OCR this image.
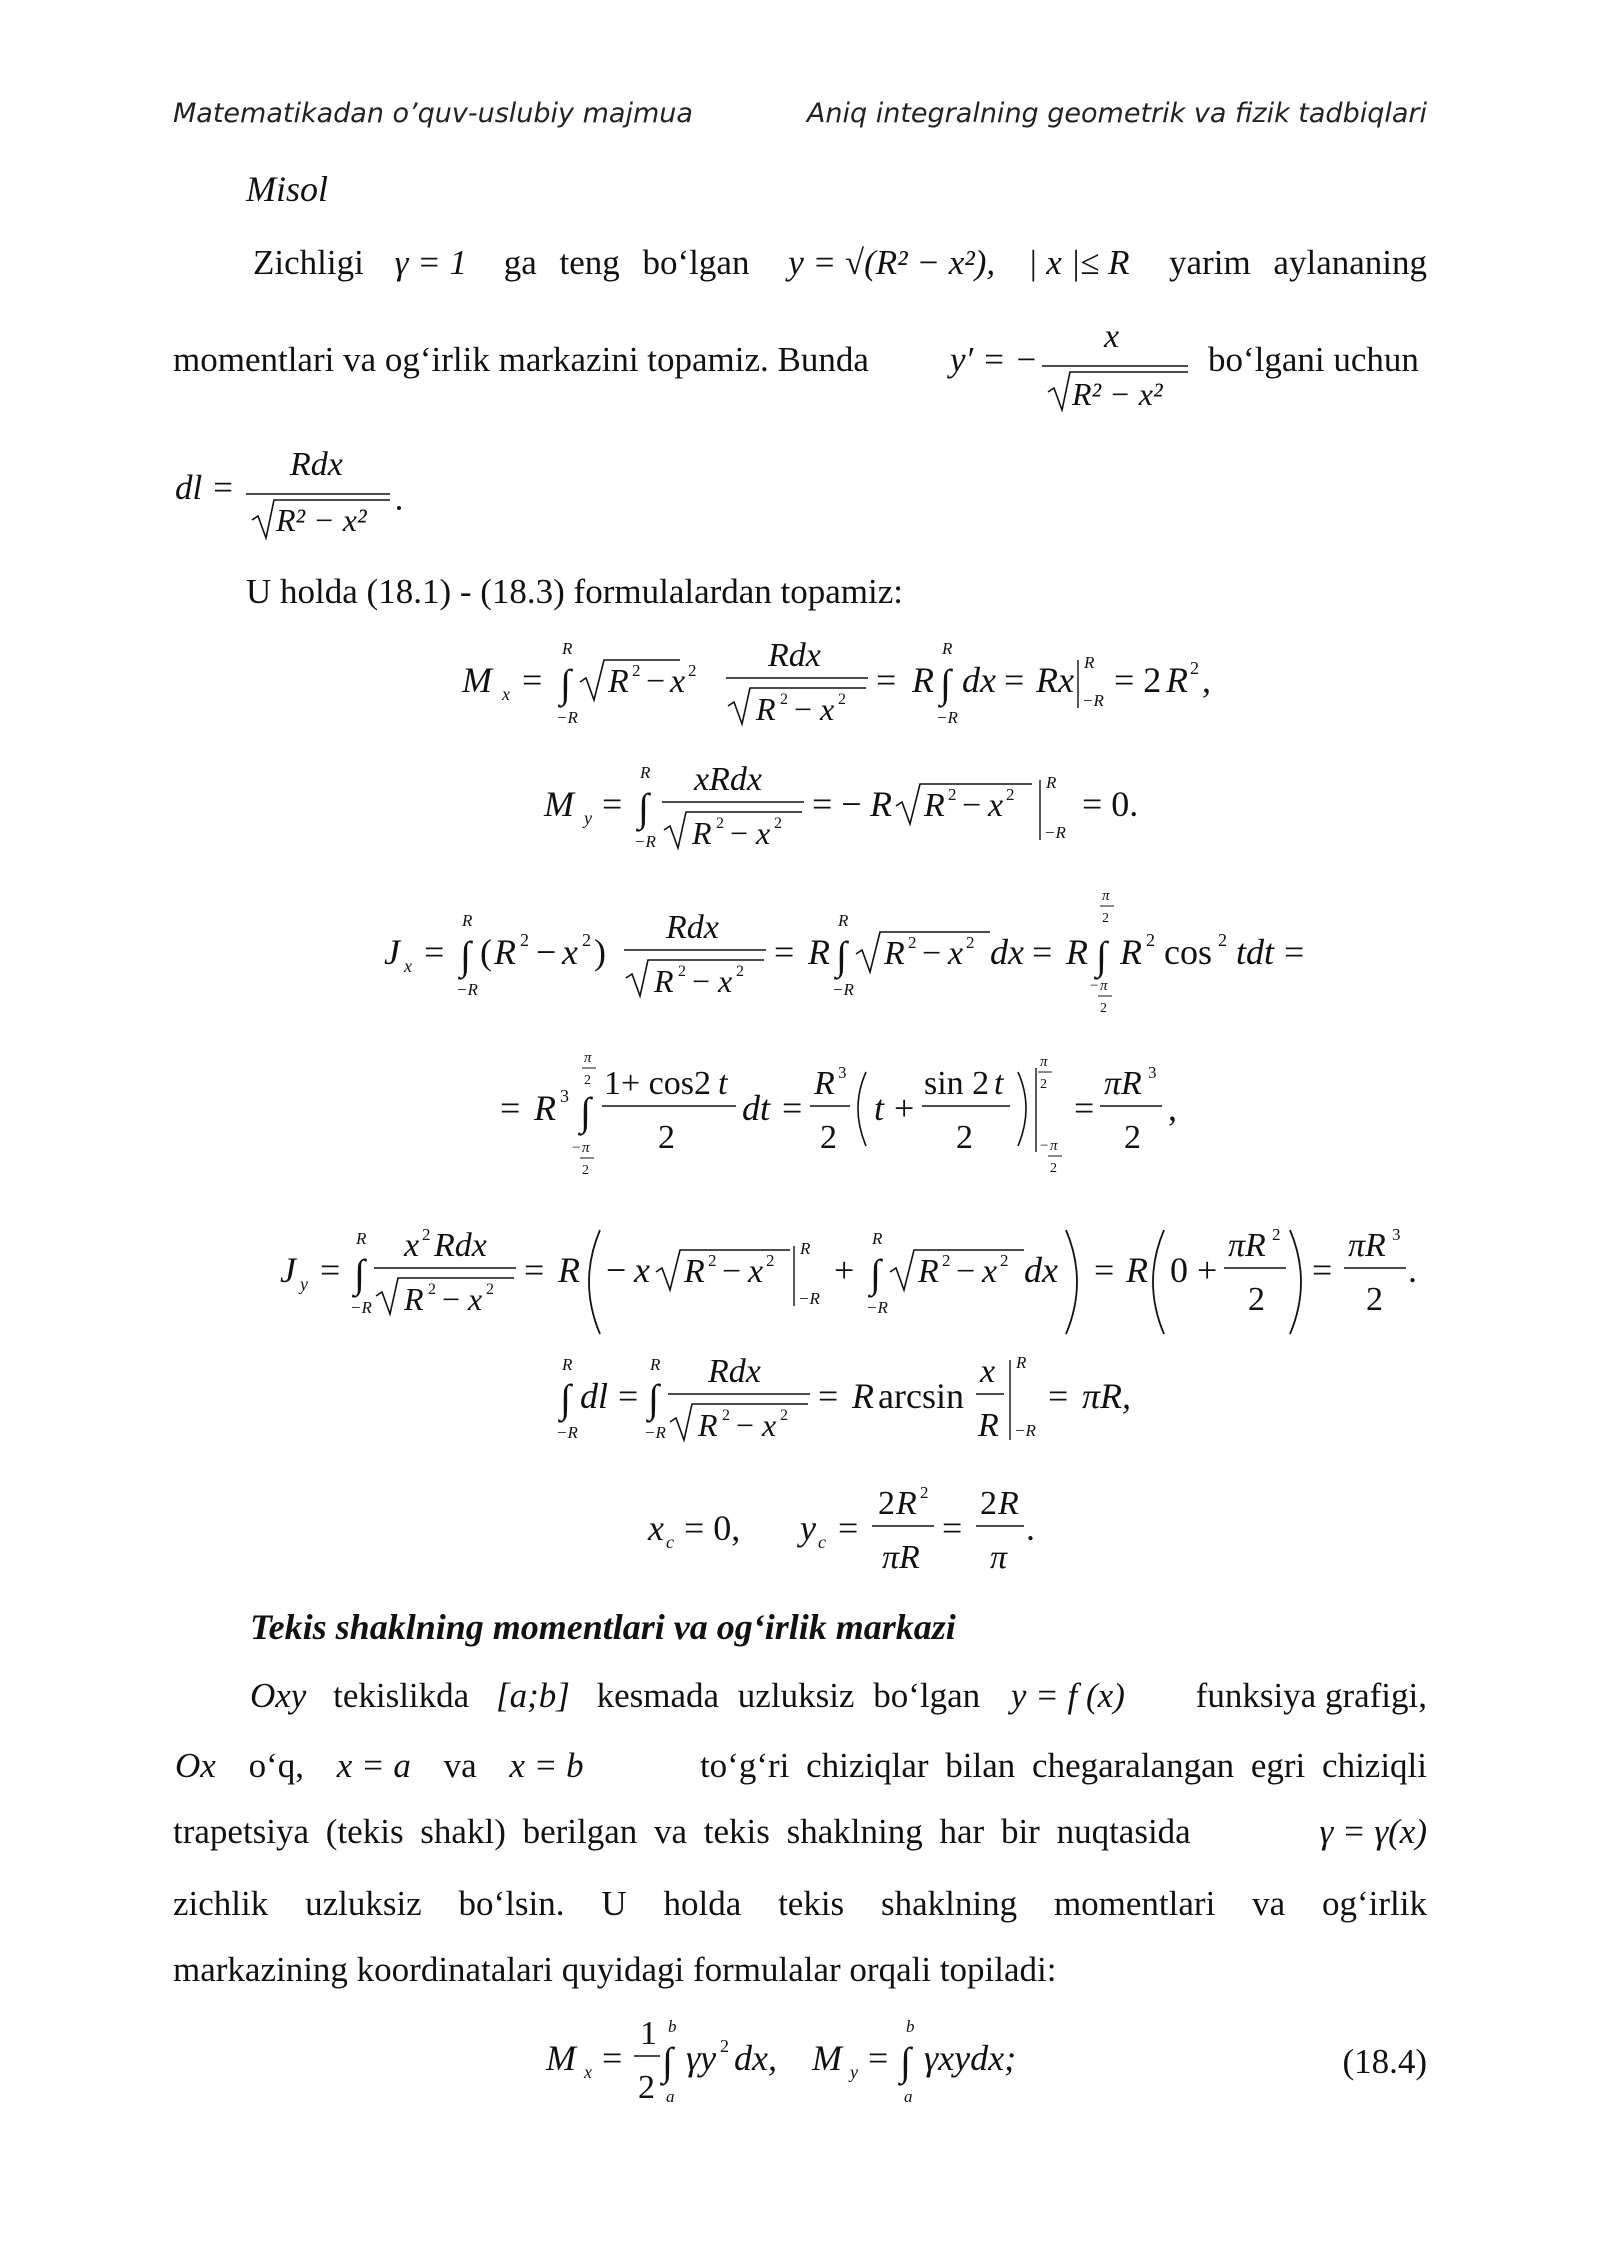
Matematikadan o’quv-uslubiy majmua	Aniq integralning geometrik va fizik tadbiqlari
Misol
Zichligi γ = 1 ga teng bo‘lgan y = √(R² − x²), | x |≤ R yarim aylananing
momentlari va og‘irlik markazini topamiz. Bunda	y′ = −
x
R² − x²
bo‘lgani uchun
dl =
Rdx
R² − x²
U holda (18.1) - (18.3) formulalardan topamiz:
M x = ∫
R
−R
R 2 − x 2 Rdx
R 2 − x 2 = R ∫
R
−R
dx = Rx R
−R
= 2 R 2 ,
M y = ∫
R
−R
xRdx
R 2 − x 2 = − R R 2 − x 2
R
−R
= 0.
J x = ∫
R
−R
( R 2 − x 2 )
Rdx
R 2 − x 2 = R ∫
R
−R
R 2 − x 2 dx = R ∫
π
2
− π
2
R 2 cos 2 tdt =
= R 3 ∫
π
2
− π
2
1+ cos2 t
2
dt =
R 3
2
t +
sin 2 t
2
π
2
− π
2
=
πR 3
2
,
J y = ∫
R
−R
x 2 Rdx
R 2 − x 2 = R − x R 2 − x 2
R
−R
+ ∫
R
−R
R 2 − x 2 dx = R 0 +
πR 2
2
=
πR 3
2
.
∫
R
−R
dl = ∫
R
−R
Rdx
R 2 − x 2 = R arcsin
x
R
R
−R
= πR,
x c = 0, y c =
2 R 2
πR
=
2 R
π
.
M x =
1
2
∫
b
a
γy 2 dx, M y = ∫
b
a
γxydx;
Tekis shaklning momentlari va og‘irlik markazi
Oxy tekislikda [a;b] kesmada uzluksiz bo‘lgan y = f (x) funksiya grafigi,
Ox o‘q, x = a va x = b	to‘g‘ri chiziqlar bilan chegaralangan egri chiziqli
trapetsiya (tekis shakl) berilgan va tekis shaklning har bir nuqtasida	γ = γ(x)
zichlik uzluksiz bo‘lsin. U holda tekis shaklning momentlari va og‘irlik
markazining koordinatalari quyidagi formulalar orqali topiladi:
(18.4)
